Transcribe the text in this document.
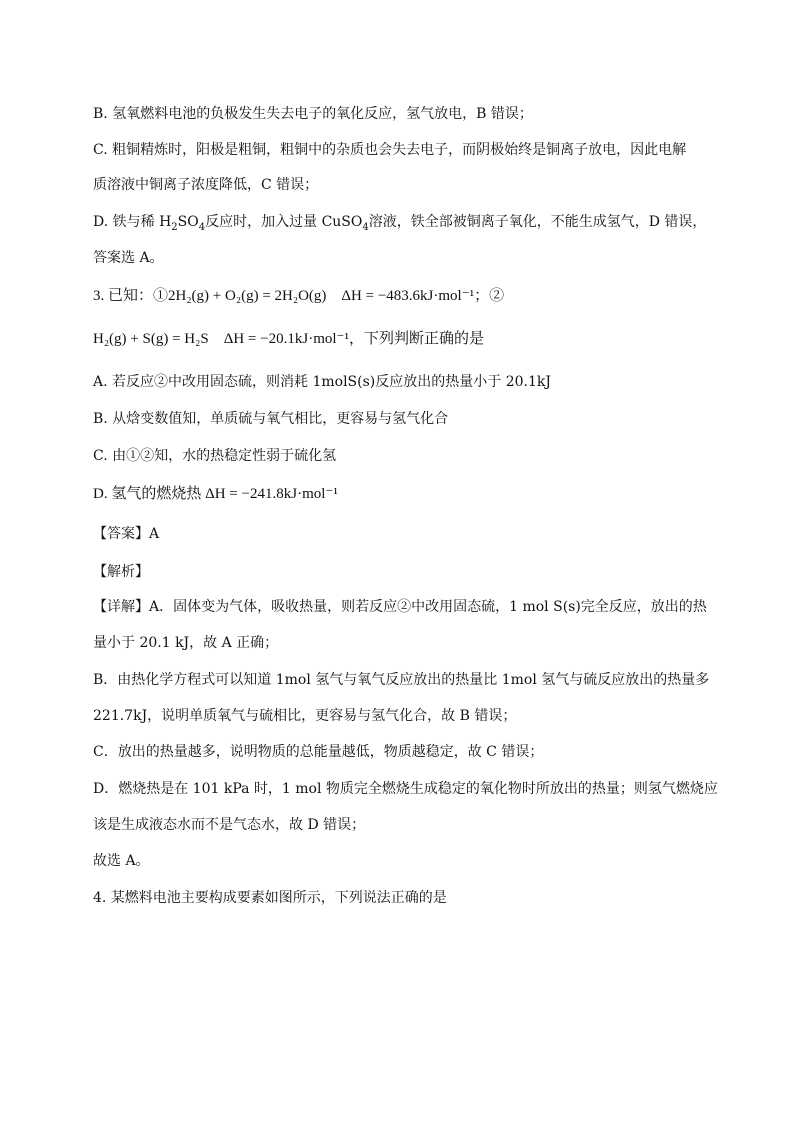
B. 氢氧燃料电池的负极发生失去电子的氧化反应，氢气放电，B 错误；
C. 粗铜精炼时，阳极是粗铜，粗铜中的杂质也会失去电子，而阴极始终是铜离子放电，因此电解
质溶液中铜离子浓度降低，C 错误；
D. 铁与稀 $H_2SO_4$反应时，加入过量 CuSO$_4$溶液，铁全部被铜离子氧化，不能生成氢气，D 错误，
答案选 A。
3. 已知：①2H₂(g) + O₂(g) = 2H₂O(g)　ΔH = −483.6kJ·mol⁻¹；②
H₂(g) + S(g) = H₂S　ΔH = −20.1kJ·mol⁻¹，下列判断正确的是
A. 若反应②中改用固态硫，则消耗 1molS(s)反应放出的热量小于 20.1kJ
B. 从焓变数值知，单质硫与氧气相比，更容易与氢气化合
C. 由①②知，水的热稳定性弱于硫化氢
D. 氢气的燃烧热 ΔH = −241.8kJ·mol⁻¹
【答案】A
【解析】
【详解】A．固体变为气体，吸收热量，则若反应②中改用固态硫，1 mol S(s)完全反应，放出的热
量小于 20.1 kJ，故 A 正确；
B．由热化学方程式可以知道 1mol 氢气与氧气反应放出的热量比 1mol 氢气与硫反应放出的热量多
221.7kJ，说明单质氧气与硫相比，更容易与氢气化合，故 B 错误；
C．放出的热量越多，说明物质的总能量越低，物质越稳定，故 C 错误；
D．燃烧热是在 101 kPa 时，1 mol 物质完全燃烧生成稳定的氧化物时所放出的热量；则氢气燃烧应
该是生成液态水而不是气态水，故 D 错误；
故选 A。
4. 某燃料电池主要构成要素如图所示，下列说法正确的是
